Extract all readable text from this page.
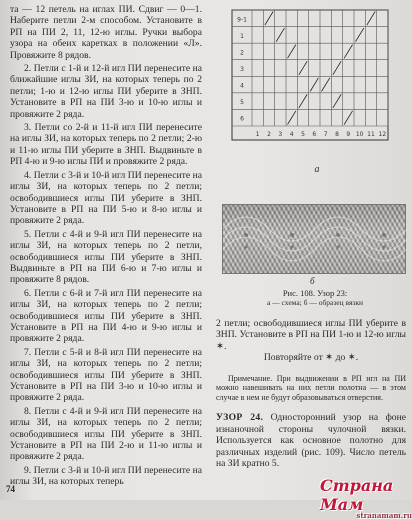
та — 12 петель на иглах ПИ. Сдвиг — 0—1. Наберите петли 2-м способом. Установите в РП на ПИ 2, 11, 12-ю иглы. Ручки выбора узора на обеих каретках в положении «Л». Провяжите 8 рядов.

2. Петли с 1-й и 12-й игл ПИ перенесите на ближайшие иглы ЗИ, на которых теперь по 2 петли; 1-ю и 12-ю иглы ПИ уберите в ЗНП. Установите в РП на ПИ 3-ю и 10-ю иглы и провяжите 2 ряда.

3. Петли со 2-й и 11-й игл ПИ перенесите на иглы ЗИ, на которых теперь по 2 петли; 2-ю и 11-ю иглы ПИ уберите в ЗНП. Выдвиньте в РП 4-ю и 9-ю иглы ПИ и провяжите 2 ряда.

4. Петли с 3-й и 10-й игл ПИ перенесите на иглы ЗИ, на которых теперь по 2 петли; освободившиеся иглы ПИ уберите в ЗНП. Установите в РП на ПИ 5-ю и 8-ю иглы и провяжите 2 ряда.

5. Петли с 4-й и 9-й игл ПИ перенесите на иглы ЗИ, на которых теперь по 2 петли, освободившиеся иглы ПИ уберите в ЗНП. Выдвиньте в РП на ПИ 6-ю и 7-ю иглы и провяжите 8 рядов.

6. Петли с 6-й и 7-й игл ПИ перенесите на иглы ЗИ, на которых теперь по 2 петли; освободившиеся иглы ПИ уберите в ЗНП. Установите в РП на ПИ 4-ю и 9-ю иглы и провяжите 2 ряда.

7. Петли с 5-й и 8-й игл ПИ перенесите на иглы ЗИ, на которых теперь по 2 петли; освободившиеся иглы ПИ уберите в ЗНП. Установите в РП на ПИ 3-ю и 10-ю иглы и провяжите 2 ряда.

8. Петли с 4-й и 9-й игл ПИ перенесите на иглы ЗИ, на которых теперь по 2 петли; освободившиеся иглы ПИ уберите в ЗНП. Установите в РП на ПИ 2-ю и 11-ю иглы и провяжите 2 ряда.

9. Петли с 3-й и 10-й игл ПИ перенесите на иглы ЗИ, на которых теперь

9-1
1
2
3
4
5
6
1 2 3 4 5 6 7 8 9 10 11 12
а
б
Рис. 108. Узор 23:
а — схема; б — образец вязки

2 петли; освободившиеся иглы ПИ уберите в ЗНП. Установите в РП на ПИ 1-ю и 12-ю иглы ✶.

Повторяйте от ✶ до ✶.

Примечание. При выдвижении в РП игл на ПИ можно навешивать на них петли полотна — в этом случае в нем не будут образовываться отверстия.

УЗОР 24. Односторонний узор на фоне изнаночной стороны чулочной вязки. Используется как основное полотно для различных изделий (рис. 109). Число петель на ЗИ кратно 5.

74	Страна Мам
stranamam.ru
